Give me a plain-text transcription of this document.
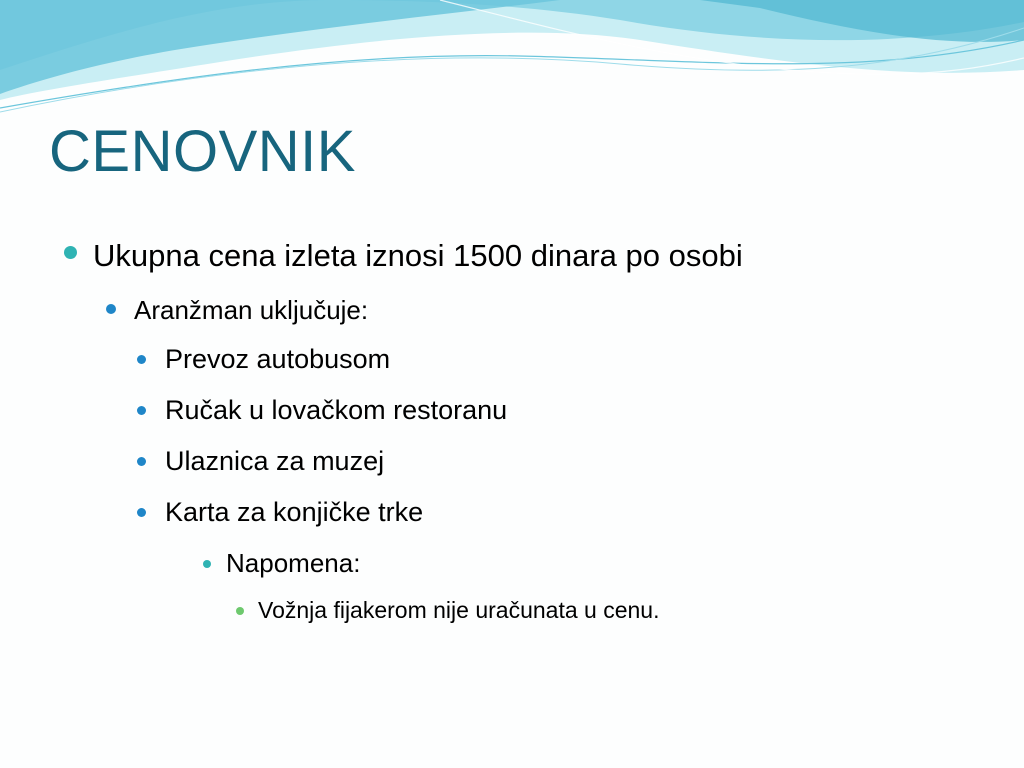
CENOVNIK
Ukupna cena izleta iznosi 1500 dinara po osobi
Aranžman uključuje:
Prevoz autobusom
Ručak u lovačkom restoranu
Ulaznica za muzej
Karta za konjičke trke
Napomena:
Vožnja fijakerom nije uračunata u cenu.
